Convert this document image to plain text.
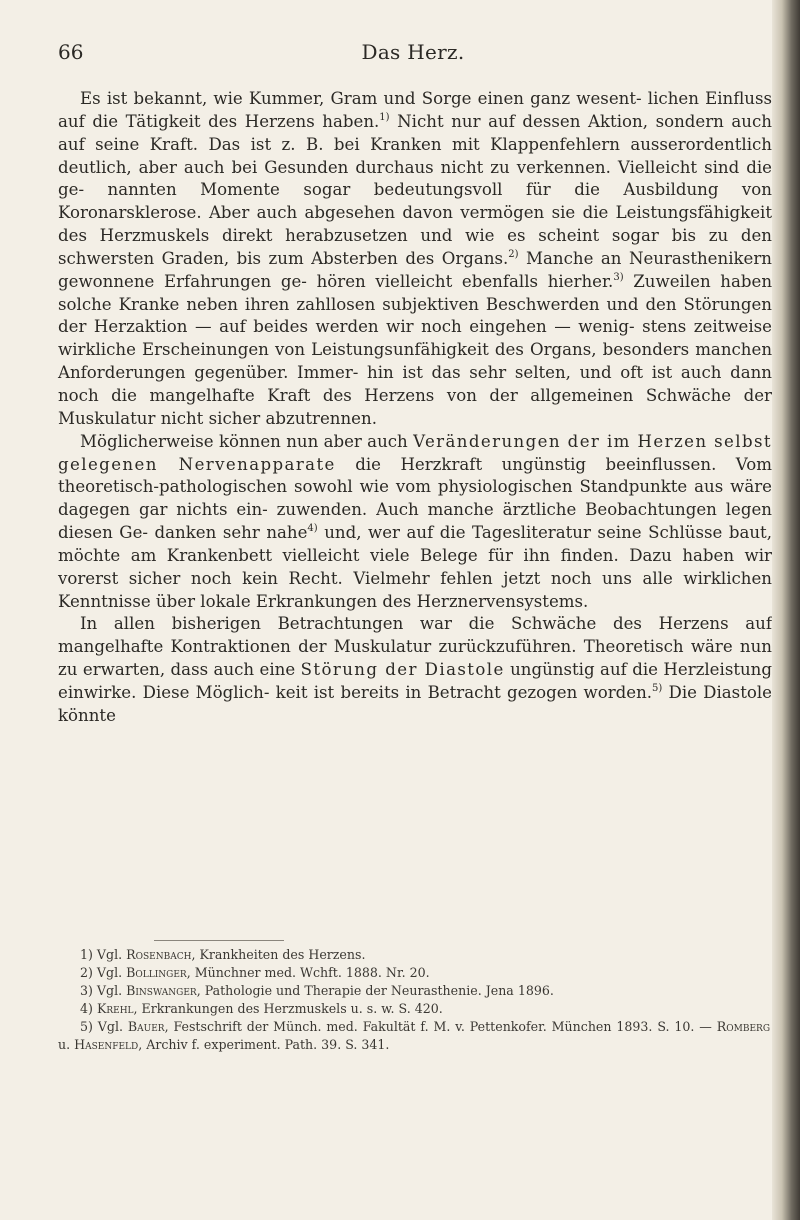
66	Das Herz.

Es ist bekannt, wie Kummer, Gram und Sorge einen ganz wesent- lichen Einfluss auf die Tätigkeit des Herzens haben.$^{1)}$ Nicht nur auf dessen Aktion, sondern auch auf seine Kraft. Das ist z. B. bei Kranken mit Klappenfehlern ausserordentlich deutlich, aber auch bei Gesunden durchaus nicht zu verkennen. Vielleicht sind die ge- nannten Momente sogar bedeutungsvoll für die Ausbildung von Koronarsklerose. Aber auch abgesehen davon vermögen sie die Leistungsfähigkeit des Herzmuskels direkt herabzusetzen und wie es scheint sogar bis zu den schwersten Graden, bis zum Absterben des Organs.$^{2)}$ Manche an Neurasthenikern gewonnene Erfahrungen ge- hören vielleicht ebenfalls hierher.$^{3)}$ Zuweilen haben solche Kranke neben ihren zahllosen subjektiven Beschwerden und den Störungen der Herzaktion — auf beides werden wir noch eingehen — wenig- stens zeitweise wirkliche Erscheinungen von Leistungsunfähigkeit des Organs, besonders manchen Anforderungen gegenüber. Immer- hin ist das sehr selten, und oft ist auch dann noch die mangelhafte Kraft des Herzens von der allgemeinen Schwäche der Muskulatur nicht sicher abzutrennen.

Möglicherweise können nun aber auch Veränderungen der im Herzen selbst gelegenen Nervenapparate die Herzkraft ungünstig beeinflussen. Vom theoretisch-pathologischen sowohl wie vom physiologischen Standpunkte aus wäre dagegen gar nichts ein- zuwenden. Auch manche ärztliche Beobachtungen legen diesen Ge- danken sehr nahe$^{4)}$ und, wer auf die Tagesliteratur seine Schlüsse baut, möchte am Krankenbett vielleicht viele Belege für ihn finden. Dazu haben wir vorerst sicher noch kein Recht. Vielmehr fehlen jetzt noch uns alle wirklichen Kenntnisse über lokale Erkrankungen des Herznervensystems.

In allen bisherigen Betrachtungen war die Schwäche des Herzens auf mangelhafte Kontraktionen der Muskulatur zurückzuführen. Theoretisch wäre nun zu erwarten, dass auch eine Störung der Diastole ungünstig auf die Herzleistung einwirke. Diese Möglich- keit ist bereits in Betracht gezogen worden.$^{5)}$ Die Diastole könnte

1) Vgl. Rosenbach, Krankheiten des Herzens.

2) Vgl. Bollinger, Münchner med. Wchft. 1888. Nr. 20.

3) Vgl. Binswanger, Pathologie und Therapie der Neurasthenie. Jena 1896.

4) Krehl, Erkrankungen des Herzmuskels u. s. w. S. 420.

5) Vgl. Bauer, Festschrift der Münch. med. Fakultät f. M. v. Pettenkofer. München 1893. S. 10. — Romberg u. Hasenfeld, Archiv f. experiment. Path. 39. S. 341.
